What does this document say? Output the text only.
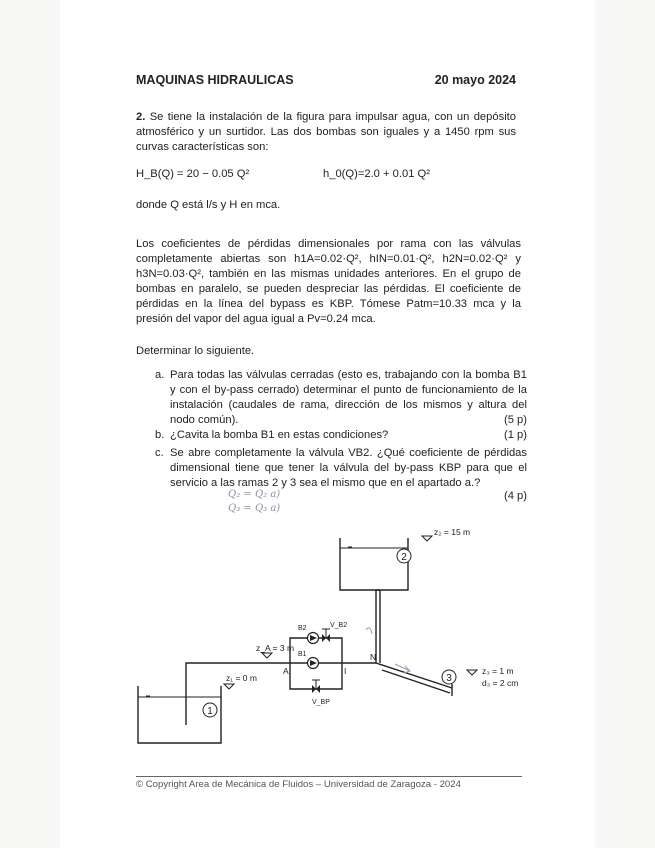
MAQUINAS HIDRAULICAS	20 mayo 2024
2. Se tiene la instalación de la figura para impulsar agua, con un depósito atmosférico y un surtidor. Las dos bombas son iguales y a 1450 rpm sus curvas características son:
H_B(Q) = 20 − 0.05 Q²	h_0(Q)=2.0 + 0.01 Q²
donde Q está l/s y H en mca.
Los coeficientes de pérdidas dimensionales por rama con las válvulas completamente abiertas son h1A=0.02·Q², hIN=0.01·Q², h2N=0.02·Q² y h3N=0.03·Q², también en las mismas unidades anteriores. En el grupo de bombas en paralelo, se pueden despreciar las pérdidas. El coeficiente de pérdidas en la línea del bypass es KBP. Tómese Patm=10.33 mca y la presión del vapor del agua igual a Pv=0.24 mca.
Determinar lo siguiente.
a. Para todas las válvulas cerradas (esto es, trabajando con la bomba B1 y con el by-pass cerrado) determinar el punto de funcionamiento de la instalación (caudales de rama, dirección de los mismos y altura del nodo común).	(5 p)
b. ¿Cavita la bomba B1 en estas condiciones?	(1 p)
c. Se abre completamente la válvula VB2. ¿Qué coeficiente de pérdidas dimensional tiene que tener la válvula del by-pass KBP para que el servicio a las ramas 2 y 3 sea el mismo que en el apartado a.?
(4 p)
Q₂ = Q₂ a)
Q₃ = Q₃ a)
2
1
3
z₂ = 15 m
z_A = 3 m
z₁ = 0 m
z₃ = 1 m
d₃ = 2 cm
B2
B1
V_B2
V_BP
A	I
N
© Copyright Area de Mecánica de Fluidos – Universidad de Zaragoza - 2024
